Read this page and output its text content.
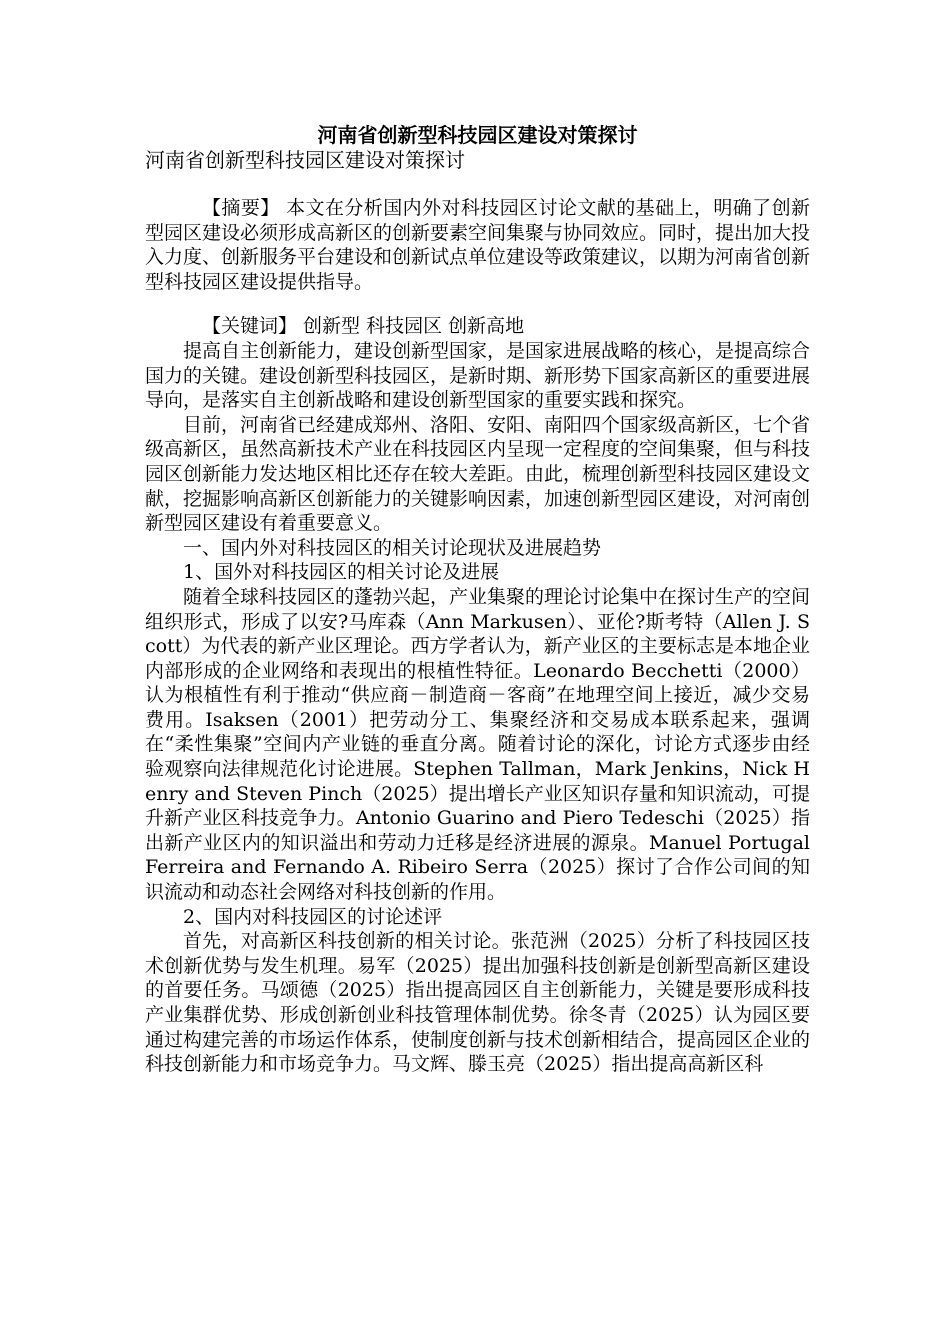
河南省创新型科技园区建设对策探讨

河南省创新型科技园区建设对策探讨

【摘要】 本文在分析国内外对科技园区讨论文献的基础上，明确了创新型园区建设必须形成高新区的创新要素空间集聚与协同效应。同时，提出加大投入力度、创新服务平台建设和创新试点单位建设等政策建议，以期为河南省创新型科技园区建设提供指导。

【关键词】 创新型 科技园区 创新高地

提高自主创新能力，建设创新型国家，是国家进展战略的核心，是提高综合国力的关键。建设创新型科技园区，是新时期、新形势下国家高新区的重要进展导向，是落实自主创新战略和建设创新型国家的重要实践和探究。

目前，河南省已经建成郑州、洛阳、安阳、南阳四个国家级高新区，七个省级高新区，虽然高新技术产业在科技园区内呈现一定程度的空间集聚，但与科技园区创新能力发达地区相比还存在较大差距。由此，梳理创新型科技园区建设文献，挖掘影响高新区创新能力的关键影响因素，加速创新型园区建设，对河南创新型园区建设有着重要意义。

一、国内外对科技园区的相关讨论现状及进展趋势

1、国外对科技园区的相关讨论及进展

随着全球科技园区的蓬勃兴起，产业集聚的理论讨论集中在探讨生产的空间组织形式，形成了以安?马库森（Ann Markusen）、亚伦?斯考特（Allen J. Scott）为代表的新产业区理论。西方学者认为，新产业区的主要标志是本地企业内部形成的企业网络和表现出的根植性特征。Leonardo Becchetti（2000）认为根植性有利于推动“供应商－制造商－客商”在地理空间上接近，减少交易费用。Isaksen（2001）把劳动分工、集聚经济和交易成本联系起来，强调在“柔性集聚”空间内产业链的垂直分离。随着讨论的深化，讨论方式逐步由经验观察向法律规范化讨论进展。Stephen Tallman，Mark Jenkins，Nick Henry and Steven Pinch（2025）提出增长产业区知识存量和知识流动，可提升新产业区科技竞争力。Antonio Guarino and Piero Tedeschi（2025）指出新产业区内的知识溢出和劳动力迁移是经济进展的源泉。Manuel Portugal Ferreira and Fernando A. Ribeiro Serra（2025）探讨了合作公司间的知识流动和动态社会网络对科技创新的作用。

2、国内对科技园区的讨论述评

首先，对高新区科技创新的相关讨论。张范洲（2025）分析了科技园区技术创新优势与发生机理。易军（2025）提出加强科技创新是创新型高新区建设的首要任务。马颂德（2025）指出提高园区自主创新能力，关键是要形成科技产业集群优势、形成创新创业科技管理体制优势。徐冬青（2025）认为园区要通过构建完善的市场运作体系，使制度创新与技术创新相结合，提高园区企业的科技创新能力和市场竞争力。马文辉、滕玉亮（2025）指出提高高新区科
